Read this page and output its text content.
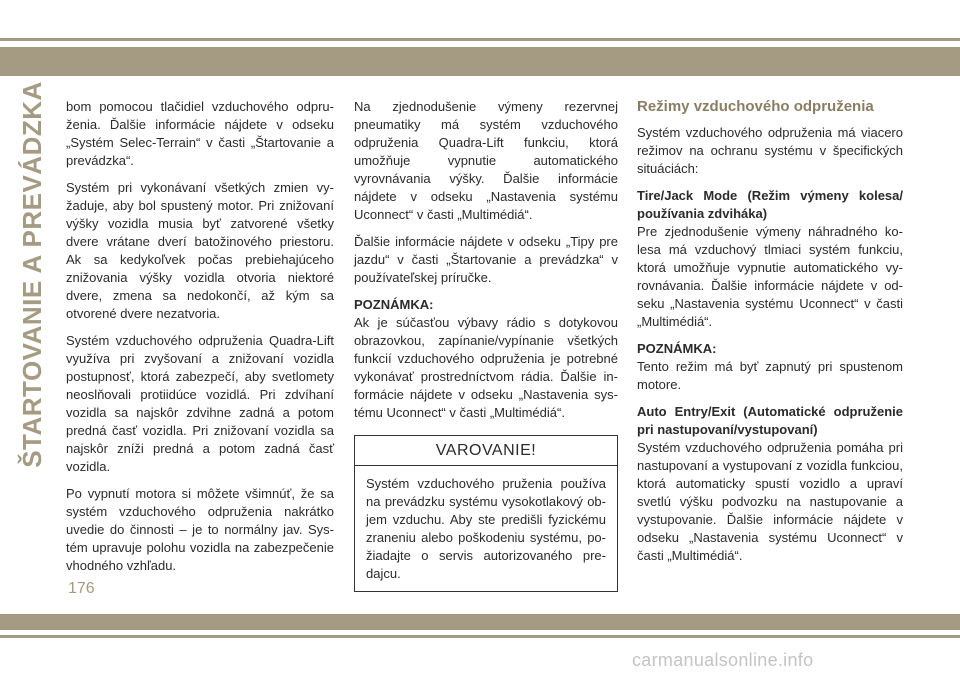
ŠTARTOVANIE A PREVÁDZKA bom pomocou tlačidiel vzduchového odpruženia. Ďalšie informácie nájdete v odseku „Systém Selec-Terrain“ v časti „Štartovanie a prevádzka“.

Systém pri vykonávaní všetkých zmien vyžaduje, aby bol spustený motor. Pri znižovaní výšky vozidla musia byť zatvorené všetky dvere vrátane dverí batožinového priestoru. Ak sa kedykoľvek počas prebiehajúceho znižovania výšky vozidla otvoria niektoré dvere, zmena sa nedokončí, až kým sa otvorené dvere nezatvoria.

Systém vzduchového odpruženia Quadra-Lift využíva pri zvyšovaní a znižovaní vozidla postupnosť, ktorá zabezpečí, aby svetlomety neoslňovali protiidúce vozidlá. Pri zdvíhaní vozidla sa najskôr zdvihne zadná a potom predná časť vozidla. Pri znižovaní vozidla sa najskôr zníži predná a potom zadná časť vozidla.

Po vypnutí motora si môžete všimnúť, že sa systém vzduchového odpruženia nakrátko uvedie do činnosti – je to normálny jav. Systém upravuje polohu vozidla na zabezpečenie vhodného vzhľadu.

Na zjednodušenie výmeny rezervnej pneumatiky má systém vzduchového odpruženia Quadra-Lift funkciu, ktorá umožňuje vypnutie automatického vyrovnávania výšky. Ďalšie informácie nájdete v odseku „Nastavenia systému Uconnect“ v časti „Multimédiá“.

Ďalšie informácie nájdete v odseku „Tipy pre jazdu“ v časti „Štartovanie a prevádzka“ v používateľskej príručke.

POZNÁMKA:

Ak je súčasťou výbavy rádio s dotykovou obrazovkou, zapínanie/vypínanie všetkých funkcií vzduchového odpruženia je potrebné vykonávať prostredníctvom rádia. Ďalšie informácie nájdete v odseku „Nastavenia systému Uconnect“ v časti „Multimédiá“.

VAROVANIE!
Systém vzduchového pruženia používa na prevádzku systému vysokotlakový objem vzduchu. Aby ste predišli fyzickému zraneniu alebo poškodeniu systému, požiadajte o servis autorizovaného predajcu.
Režimy vzduchového odpruženia

Systém vzduchového odpruženia má viacero režimov na ochranu systému v špecifických situáciách:

Tire/Jack Mode (Režim výmeny kolesa/ používania zdviháka)

Pre zjednodušenie výmeny náhradného kolesa má vzduchový tlmiaci systém funkciu, ktorá umožňuje vypnutie automatického vyrovnávania. Ďalšie informácie nájdete v odseku „Nastavenia systému Uconnect“ v časti „Multimédiá“.

POZNÁMKA:

Tento režim má byť zapnutý pri spustenom motore.

Auto Entry/Exit (Automatické odpruženie pri nastupovaní/vystupovaní)

Systém vzduchového odpruženia pomáha pri nastupovaní a vystupovaní z vozidla funkciou, ktorá automaticky spustí vozidlo a upraví svetlú výšku podvozku na nastupovanie a vystupovanie. Ďalšie informácie nájdete v odseku „Nastavenia systému Uconnect“ v časti „Multimédiá“.

176
carmanualsonline.info
